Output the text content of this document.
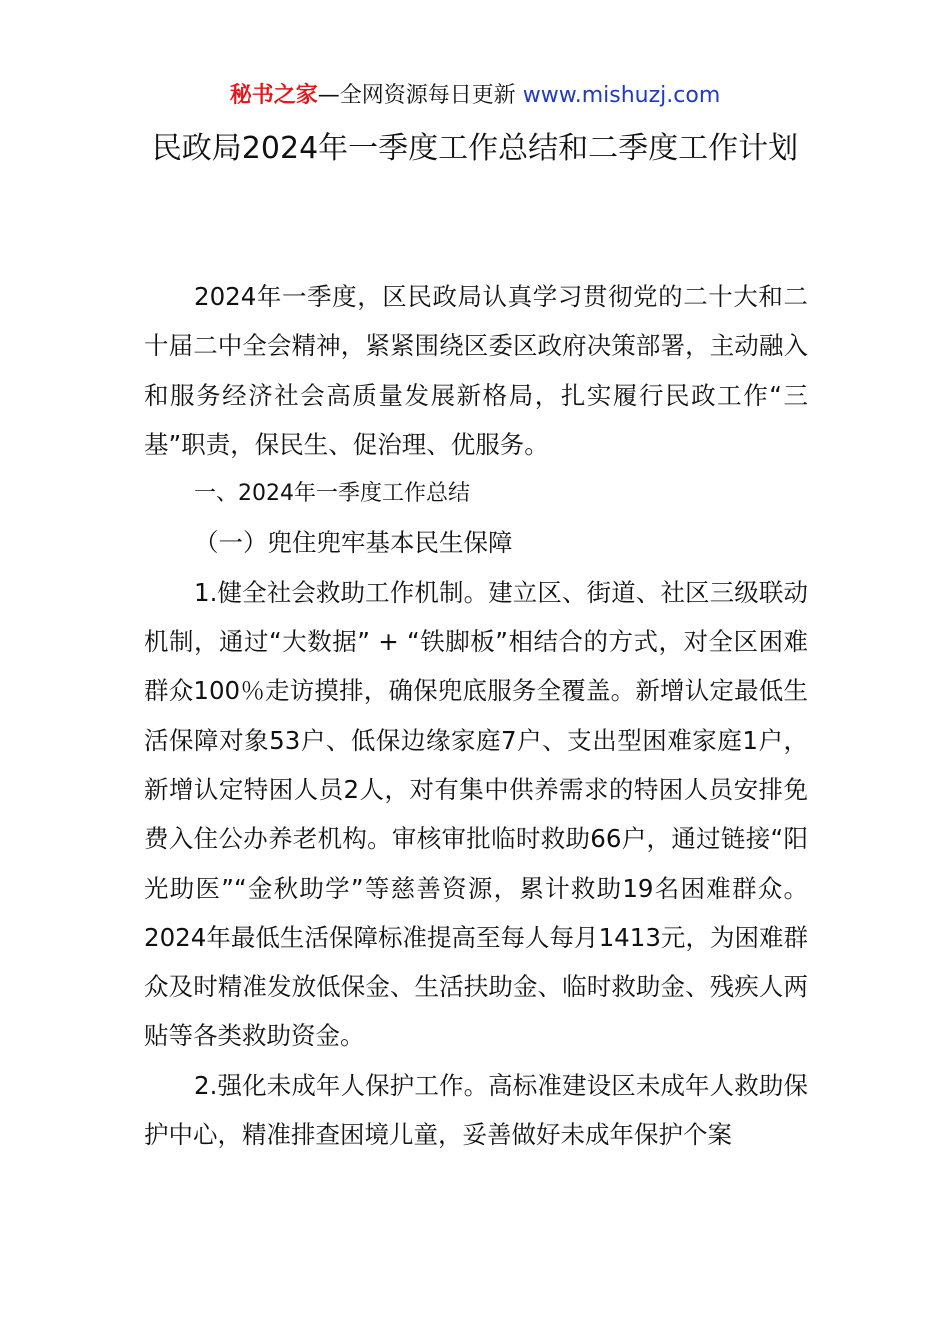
秘书之家—全网资源每日更新 www.mishuzj.com
民政局2024年一季度工作总结和二季度工作计划

2024年一季度，区民政局认真学习贯彻党的二十大和二十届二中全会精神，紧紧围绕区委区政府决策部署，主动融入和服务经济社会高质量发展新格局，扎实履行民政工作“三基”职责，保民生、促治理、优服务。

一、2024年一季度工作总结

（一）兜住兜牢基本民生保障

1.健全社会救助工作机制。建立区、街道、社区三级联动机制，通过“大数据” + “铁脚板”相结合的方式，对全区困难群众100％走访摸排，确保兜底服务全覆盖。新增认定最低生活保障对象53户、低保边缘家庭7户、支出型困难家庭1户，新增认定特困人员2人，对有集中供养需求的特困人员安排免费入住公办养老机构。审核审批临时救助66户，通过链接“阳光助医”“金秋助学”等慈善资源，累计救助19名困难群众。2024年最低生活保障标准提高至每人每月1413元，为困难群众及时精准发放低保金、生活扶助金、临时救助金、残疾人两贴等各类救助资金。

2.强化未成年人保护工作。高标准建设区未成年人救助保护中心，精准排查困境儿童，妥善做好未成年保护个案
